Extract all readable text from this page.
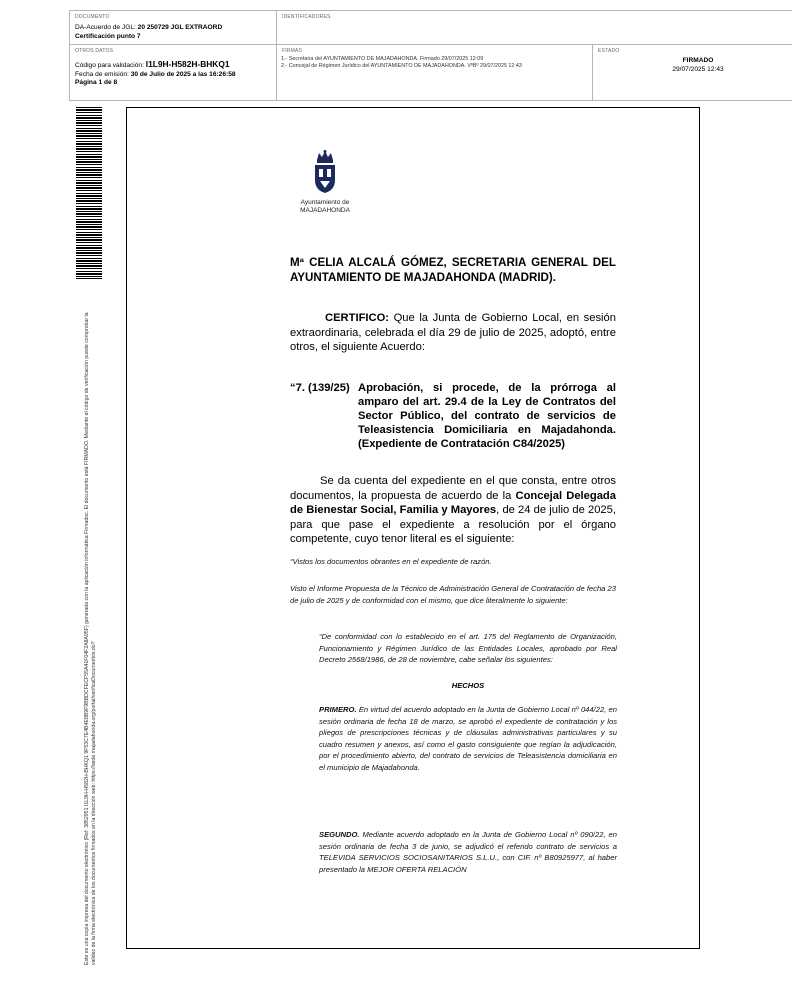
DOCUMENTO
DA-Acuerdo de JGL: 20 250729 JGL EXTRAORD
Certificación punto 7
IDENTIFICADORES
OTROS DATOS
Código para validación: I1L9H-H582H-BHKQ1
Fecha de emisión: 30 de Julio de 2025 a las 16:26:58
Página 1 de 8
FIRMAS
1.- Secretaria del AYUNTAMIENTO DE MAJADAHONDA. Firmado 29/07/2025 12:09
2.- Concejal de Régimen Jurídico del AYUNTAMIENTO DE MAJADAHONDA. VºBº 29/07/2025 12:43
ESTADO
FIRMADO
29/07/2025 12:43
Este es una copia impresa del documento electrónico (Ref: 3852951 I1L9H-H582H-BHKQ1 9F53C7E4B4E8B9F9BBDCFECF55A41F04F2A8A95F) generada con la aplicación informática Firmadoc. El documento está FIRMADO. Mediante el código de verificación puede comprobar la validez de la firma electrónica de los documentos firmados en la dirección web: https://sede.majadahonda.org/portal/verificaDocumentos.do?
Ayuntamiento de
MAJADAHONDA
Mª CELIA ALCALÁ GÓMEZ, SECRETARIA GENERAL DEL AYUNTAMIENTO DE MAJADAHONDA (MADRID).
CERTIFICO: Que la Junta de Gobierno Local, en sesión extraordinaria, celebrada el día 29 de julio de 2025, adoptó, entre otros, el siguiente Acuerdo:
“7. (139/25) Aprobación, si procede, de la prórroga al amparo del art. 29.4 de la Ley de Contratos del Sector Público, del contrato de servicios de Teleasistencia Domiciliaria en Majadahonda. (Expediente de Contratación C84/2025)
Se da cuenta del expediente en el que consta, entre otros documentos, la propuesta de acuerdo de la Concejal Delegada de Bienestar Social, Familia y Mayores, de 24 de julio de 2025, para que pase el expediente a resolución por el órgano competente, cuyo tenor literal es el siguiente:
“Vistos los documentos obrantes en el expediente de razón.
Visto el Informe Propuesta de la Técnico de Administración General de Contratación de fecha 23 de julio de 2025 y de conformidad con el mismo, que dice literalmente lo siguiente:
“De conformidad con lo establecido en el art. 175 del Reglamento de Organización, Funcionamiento y Régimen Jurídico de las Entidades Locales, aprobado por Real Decreto 2568/1986, de 28 de noviembre, cabe señalar los siguientes:
HECHOS
PRIMERO. En virtud del acuerdo adoptado en la Junta de Gobierno Local nº 044/22, en sesión ordinaria de fecha 18 de marzo, se aprobó el expediente de contratación y los pliegos de prescripciones técnicas y de cláusulas administrativas particulares y su cuadro resumen y anexos, así como el gasto consiguiente que regían la adjudicación, por el procedimiento abierto, del contrato de servicios de Teleasistencia domiciliaria en el municipio de Majadahonda.
SEGUNDO. Mediante acuerdo adoptado en la Junta de Gobierno Local nº 090/22, en sesión ordinaria de fecha 3 de junio, se adjudicó el referido contrato de servicios a TELEVIDA SERVICIOS SOCIOSANITARIOS S.L.U., con CIF. nº B80925977, al haber presentado la MEJOR OFERTA RELACIÓN
